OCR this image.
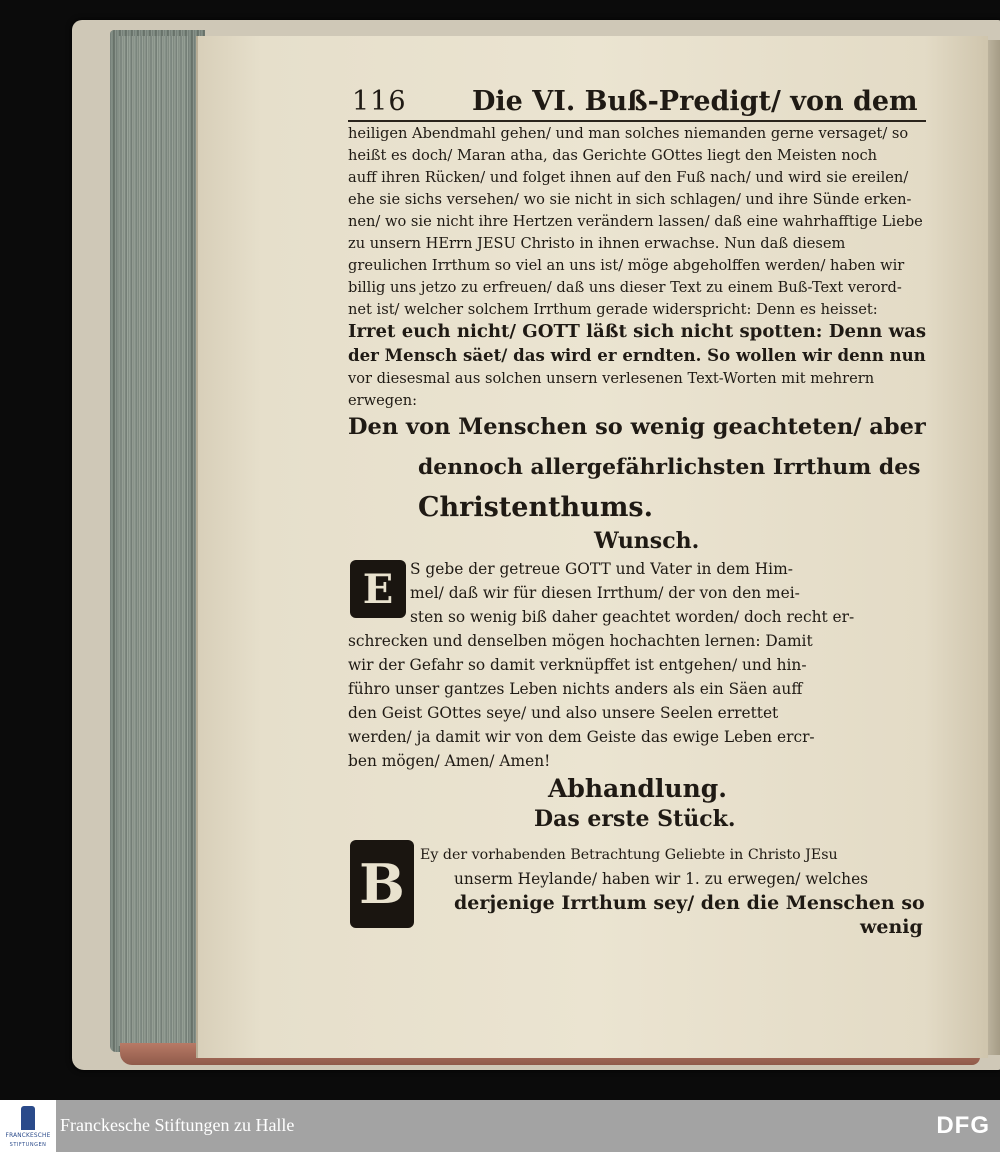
116 Die VI. Buß-Predigt/ von dem
heiligen Abendmahl gehen/ und man solches niemanden gerne versaget/ so
heißt es doch/ Maran atha, das Gerichte GOttes liegt den Meisten noch
auff ihren Rücken/ und folget ihnen auf den Fuß nach/ und wird sie ereilen/
ehe sie sichs versehen/ wo sie nicht in sich schlagen/ und ihre Sünde erken-
nen/ wo sie nicht ihre Hertzen verändern lassen/ daß eine wahrhafftige Liebe
zu unsern HErrn JESU Christo in ihnen erwachse. Nun daß diesem
greulichen Irrthum so viel an uns ist/ möge abgeholffen werden/ haben wir
billig uns jetzo zu erfreuen/ daß uns dieser Text zu einem Buß-Text verord-
net ist/ welcher solchem Irrthum gerade widerspricht: Denn es heisset:
Irret euch nicht/ GOTT läßt sich nicht spotten: Denn was
der Mensch säet/ das wird er erndten. So wollen wir denn nun
vor diesesmal aus solchen unsern verlesenen Text-Worten mit mehrern
erwegen:
Den von Menschen so wenig geachteten/ aber
dennoch allergefährlichsten Irrthum des
Christenthums.
Wunsch.
E	S gebe der getreue GOTT und Vater in dem Him-
mel/ daß wir für diesen Irrthum/ der von den mei-
sten so wenig biß daher geachtet worden/ doch recht er-
schrecken und denselben mögen hochachten lernen: Damit
wir der Gefahr so damit verknüpffet ist entgehen/ und hin-
führo unser gantzes Leben nichts anders als ein Säen auff
den Geist GOttes seye/ und also unsere Seelen errettet
werden/ ja damit wir von dem Geiste das ewige Leben ercr-
ben mögen/ Amen/ Amen!
Abhandlung.
Das erste Stück.
B	Ey der vorhabenden Betrachtung Geliebte in Christo JEsu
unserm Heylande/ haben wir 1. zu erwegen/ welches
derjenige Irrthum sey/ den die Menschen so
wenig
FRANCKESCHE
STIFTUNGEN
Franckesche Stiftungen zu Halle	DFG
